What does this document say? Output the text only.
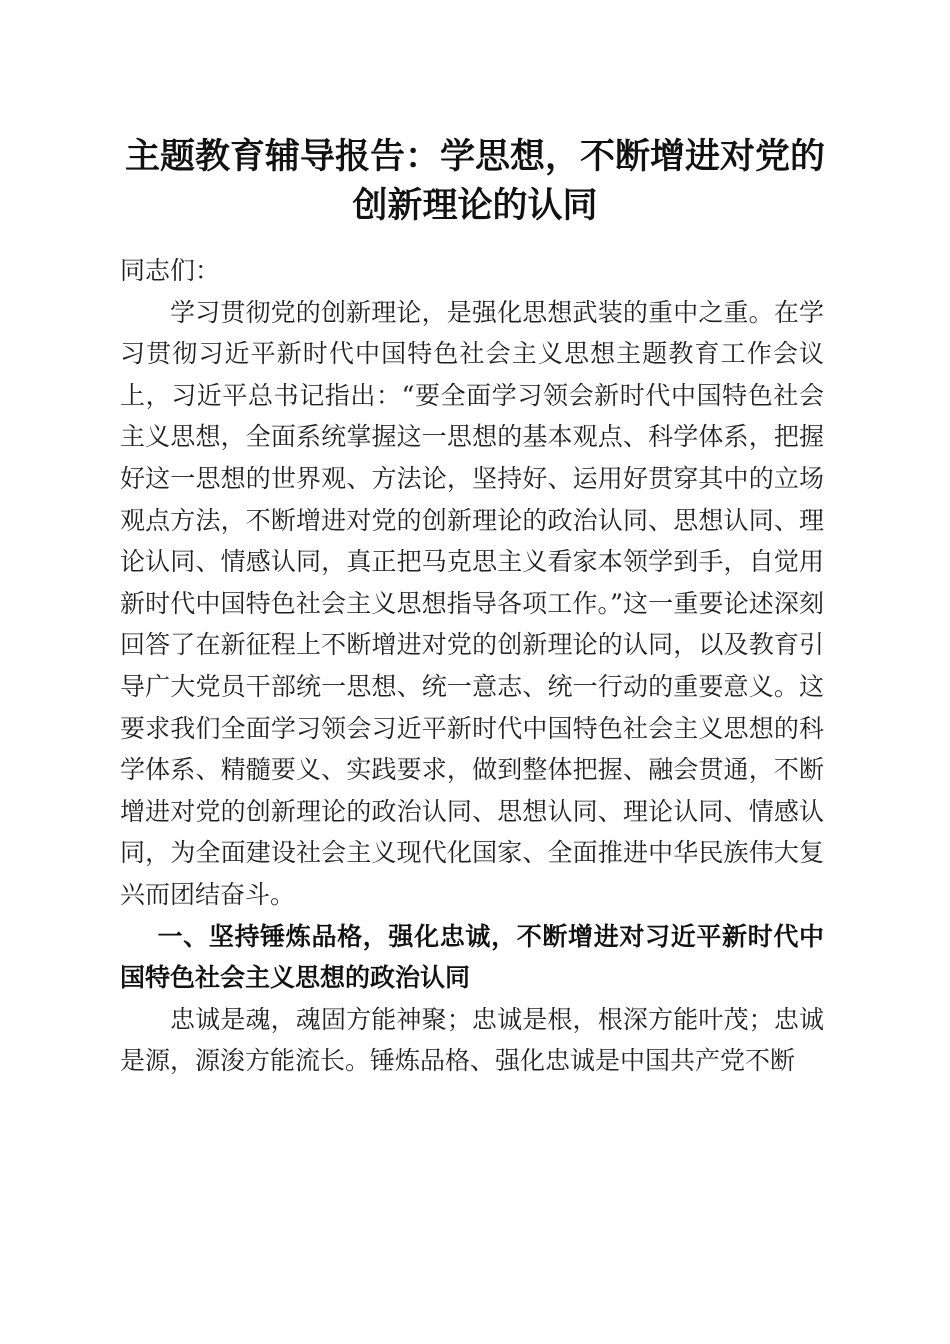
主题教育辅导报告：学思想，不断增进对党的
创新理论的认同

同志们：

学习贯彻党的创新理论，是强化思想武装的重中之重。在学习贯彻习近平新时代中国特色社会主义思想主题教育工作会议上，习近平总书记指出：“要全面学习领会新时代中国特色社会主义思想，全面系统掌握这一思想的基本观点、科学体系，把握好这一思想的世界观、方法论，坚持好、运用好贯穿其中的立场观点方法，不断增进对党的创新理论的政治认同、思想认同、理论认同、情感认同，真正把马克思主义看家本领学到手，自觉用新时代中国特色社会主义思想指导各项工作。”这一重要论述深刻回答了在新征程上不断增进对党的创新理论的认同，以及教育引导广大党员干部统一思想、统一意志、统一行动的重要意义。这要求我们全面学习领会习近平新时代中国特色社会主义思想的科学体系、精髓要义、实践要求，做到整体把握、融会贯通，不断增进对党的创新理论的政治认同、思想认同、理论认同、情感认同，为全面建设社会主义现代化国家、全面推进中华民族伟大复兴而团结奋斗。

一、坚持锤炼品格，强化忠诚，不断增进对习近平新时代中国特色社会主义思想的政治认同

忠诚是魂，魂固方能神聚；忠诚是根，根深方能叶茂；忠诚是源，源浚方能流长。锤炼品格、强化忠诚是中国共产党不断
